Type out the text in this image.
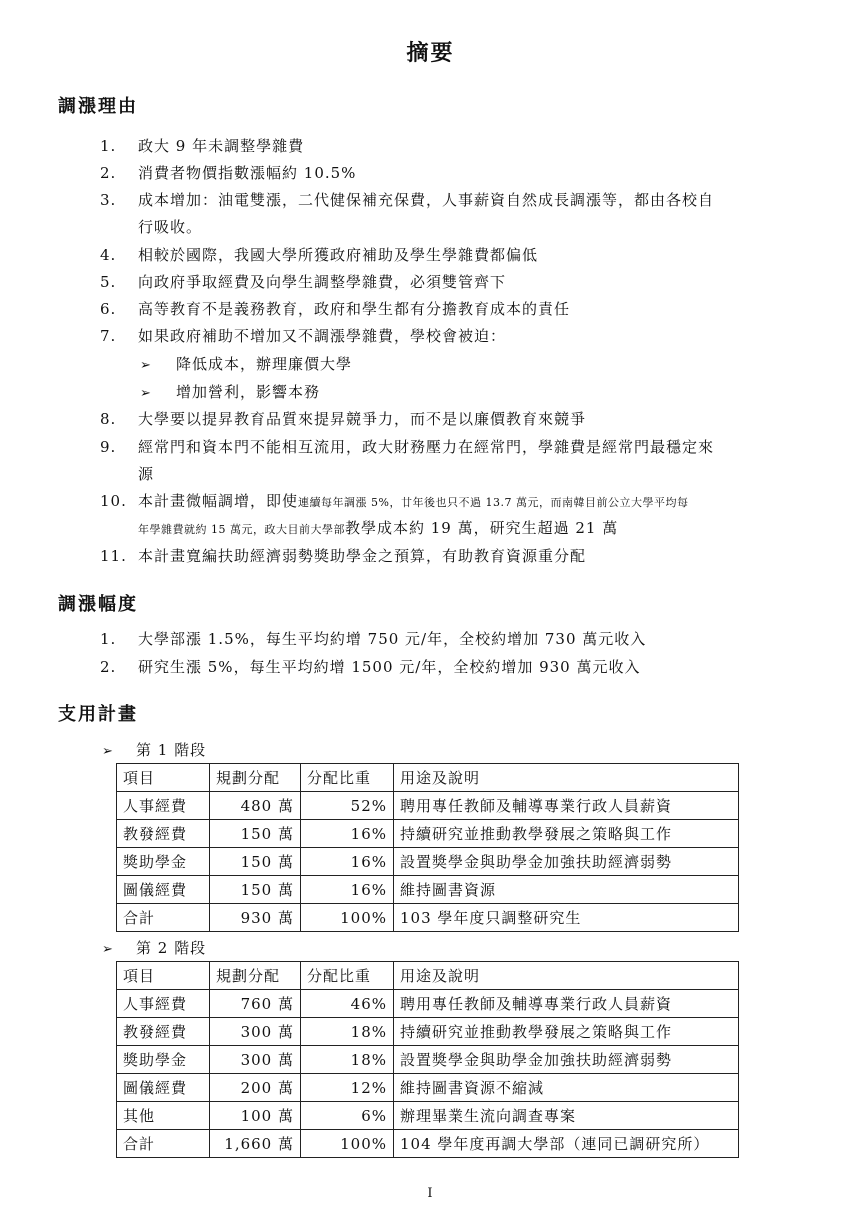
摘要
調漲理由
1.	政大 9 年未調整學雜費
2.	消費者物價指數漲幅約 10.5%
3.	成本增加：油電雙漲，二代健保補充保費，人事薪資自然成長調漲等，都由各校自
行吸收。
4.	相較於國際，我國大學所獲政府補助及學生學雜費都偏低
5.	向政府爭取經費及向學生調整學雜費，必須雙管齊下
6.	高等教育不是義務教育，政府和學生都有分擔教育成本的責任
7.	如果政府補助不增加又不調漲學雜費，學校會被迫：
➢ 降低成本，辦理廉價大學
➢ 增加營利，影響本務
8.	大學要以提昇教育品質來提昇競爭力，而不是以廉價教育來競爭
9.	經常門和資本門不能相互流用，政大財務壓力在經常門，學雜費是經常門最穩定來
源
10. 本計畫微幅調增，即使連續每年調漲 5%，廿年後也只不過 13.7 萬元，而南韓目前公立大學平均每
年學雜費就約 15 萬元，政大目前大學部教學成本約 19 萬，研究生超過 21 萬
11. 本計畫寬編扶助經濟弱勢獎助學金之預算，有助教育資源重分配
調漲幅度
1.	大學部漲 1.5%，每生平均約增 750 元/年，全校約增加 730 萬元收入
2.	研究生漲 5%，每生平均約增 1500 元/年，全校約增加 930 萬元收入
支用計畫
➢ 第 1 階段
項目	規劃分配	分配比重	用途及說明
人事經費	480 萬	52%	聘用專任教師及輔導專業行政人員薪資
教發經費	150 萬	16%	持續研究並推動教學發展之策略與工作
獎助學金	150 萬	16%	設置獎學金與助學金加強扶助經濟弱勢
圖儀經費	150 萬	16%	維持圖書資源
合計	930 萬	100%	103 學年度只調整研究生
➢ 第 2 階段
項目	規劃分配	分配比重	用途及說明
人事經費	760 萬	46%	聘用專任教師及輔導專業行政人員薪資
教發經費	300 萬	18%	持續研究並推動教學發展之策略與工作
獎助學金	300 萬	18%	設置獎學金與助學金加強扶助經濟弱勢
圖儀經費	200 萬	12%	維持圖書資源不縮減
其他	100 萬	6%	辦理畢業生流向調查專案
合計	1,660 萬	100%	104 學年度再調大學部（連同已調研究所）
I
